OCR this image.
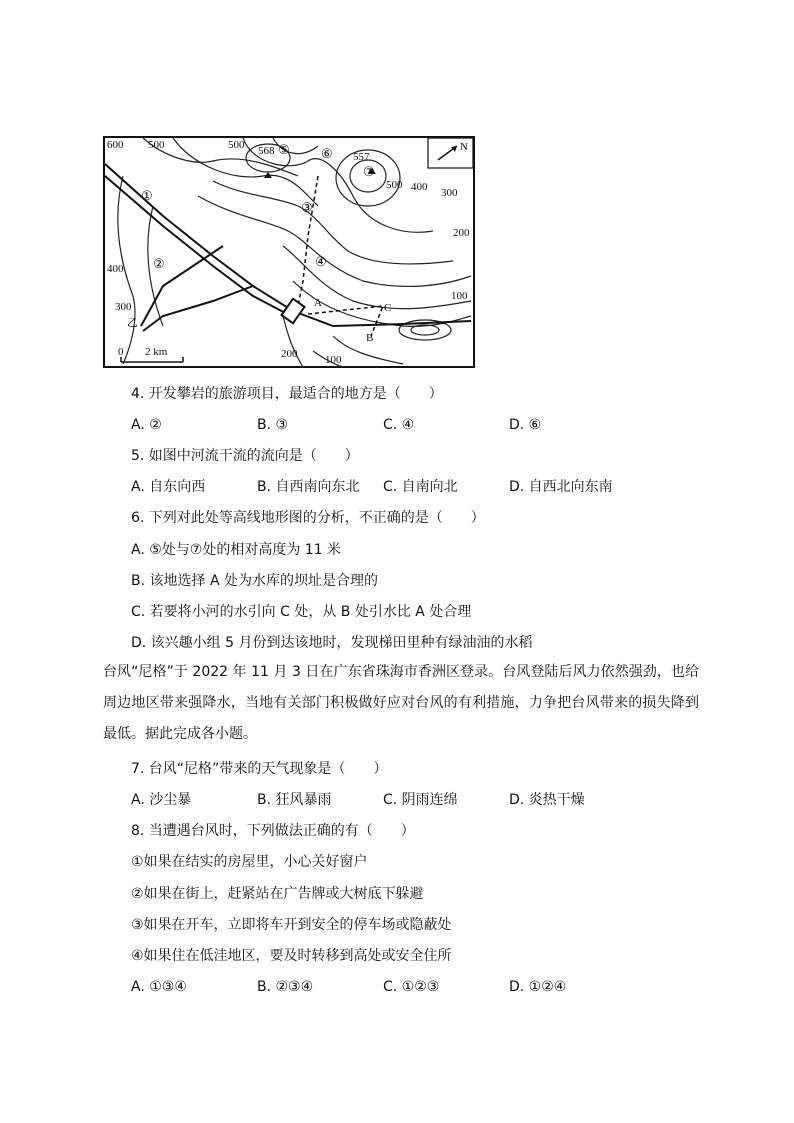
N
600 500	500
400 300
200
100
400
300
200	100
500
568	557
①
②
③
④
⑤ ⑥
⑦
A
B
C
乙
0 2 km
4. 开发攀岩的旅游项目，最适合的地方是（　　）
A. ②	B. ③	C. ④	D. ⑥
5. 如图中河流干流的流向是（　　）
A. 自东向西	B. 自西南向东北 C. 自南向北	D. 自西北向东南
6. 下列对此处等高线地形图的分析，不正确的是（　　）
A. ⑤处与⑦处的相对高度为 11 米
B. 该地选择 A 处为水库的坝址是合理的
C. 若要将小河的水引向 C 处，从 B 处引水比 A 处合理
D. 该兴趣小组 5 月份到达该地时，发现梯田里种有绿油油的水稻
台风“尼格”于 2022 年 11 月 3 日在广东省珠海市香洲区登录。台风登陆后风力依然强劲，也给周边地区带来强降水，当地有关部门积极做好应对台风的有利措施，力争把台风带来的损失降到最低。据此完成各小题。
7. 台风“尼格”带来的天气现象是（　　）
A. 沙尘暴	B. 狂风暴雨	C. 阴雨连绵	D. 炎热干燥
8. 当遭遇台风时，下列做法正确的有（　　）
①如果在结实的房屋里，小心关好窗户
②如果在街上，赶紧站在广告牌或大树底下躲避
③如果在开车，立即将车开到安全的停车场或隐蔽处
④如果住在低洼地区，要及时转移到高处或安全住所
A. ①③④	B. ②③④	C. ①②③	D. ①②④
